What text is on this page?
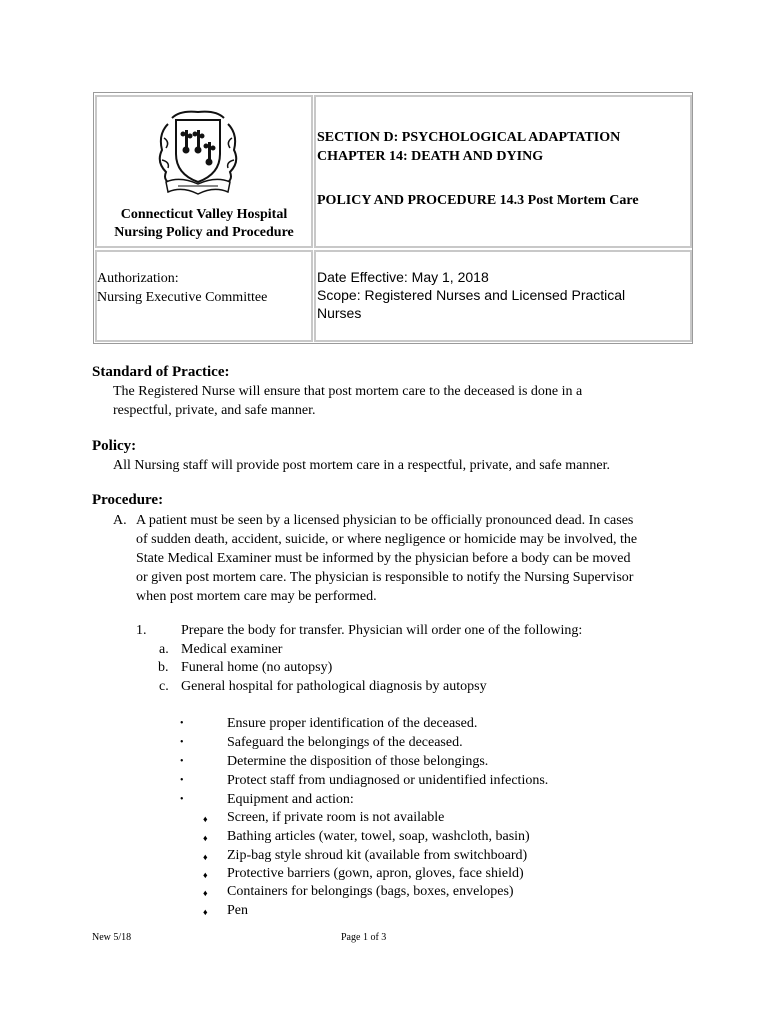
Connecticut Valley Hospital
Nursing Policy and Procedure
SECTION D: PSYCHOLOGICAL ADAPTATION
CHAPTER 14: DEATH AND DYING
POLICY AND PROCEDURE 14.3 Post Mortem Care
Authorization:
Nursing Executive Committee
Date Effective: May 1, 2018
Scope: Registered Nurses and Licensed Practical
Nurses
Standard of Practice:
The Registered Nurse will ensure that post mortem care to the deceased is done in a
respectful, private, and safe manner.
Policy:
All Nursing staff will provide post mortem care in a respectful, private, and safe manner.
Procedure:
A. A patient must be seen by a licensed physician to be officially pronounced dead. In cases
of sudden death, accident, suicide, or where negligence or homicide may be involved, the
State Medical Examiner must be informed by the physician before a body can be moved
or given post mortem care. The physician is responsible to notify the Nursing Supervisor
when post mortem care may be performed.
1. Prepare the body for transfer. Physician will order one of the following:
a. Medical examiner
b. Funeral home (no autopsy)
c. General hospital for pathological diagnosis by autopsy
•	Ensure proper identification of the deceased.
•	Safeguard the belongings of the deceased.
•	Determine the disposition of those belongings.
•	Protect staff from undiagnosed or unidentified infections.
•	Equipment and action:
♦ Screen, if private room is not available
♦ Bathing articles (water, towel, soap, washcloth, basin)
♦ Zip-bag style shroud kit (available from switchboard)
♦ Protective barriers (gown, apron, gloves, face shield)
♦ Containers for belongings (bags, boxes, envelopes)
♦ Pen
New 5/18	Page 1 of 3
